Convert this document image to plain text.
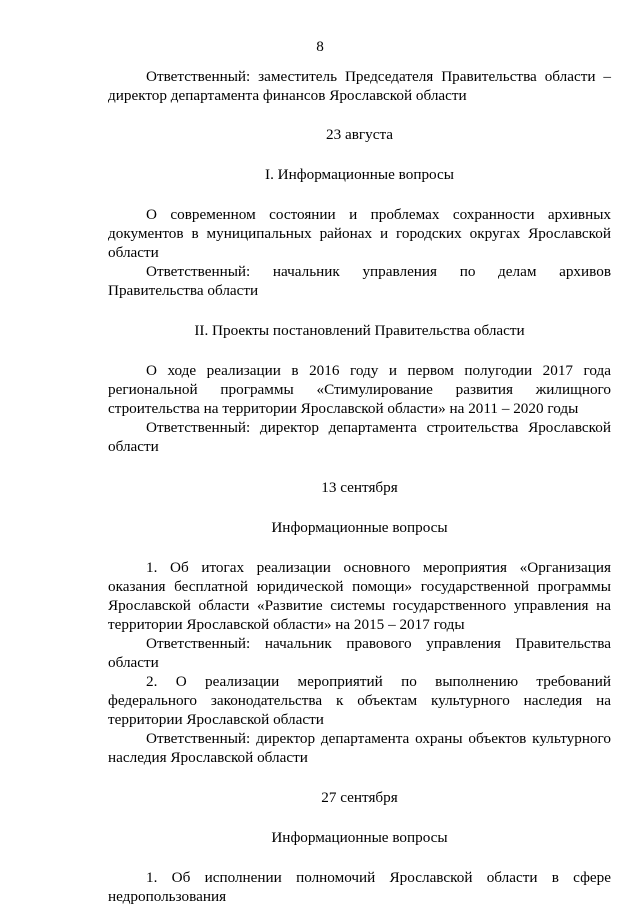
8

Ответственный: заместитель Председателя Правительства области – директор департамента финансов Ярославской области

23 августа

I. Информационные вопросы

О современном состоянии и проблемах сохранности архивных документов в муниципальных районах и городских округах Ярославской области

Ответственный: начальник управления по делам архивов Правительства области

II. Проекты постановлений Правительства области

О ходе реализации в 2016 году и первом полугодии 2017 года региональной программы «Стимулирование развития жилищного строительства на территории Ярославской области» на 2011 – 2020 годы

Ответственный: директор департамента строительства Ярославской области

13 сентября

Информационные вопросы

1. Об итогах реализации основного мероприятия «Организация оказания бесплатной юридической помощи» государственной программы Ярославской области «Развитие системы государственного управления на территории Ярославской области» на 2015 – 2017 годы

Ответственный: начальник правового управления Правительства области

2. О реализации мероприятий по выполнению требований федерального законодательства к объектам культурного наследия на территории Ярославской области

Ответственный: директор департамента охраны объектов культурного наследия Ярославской области

27 сентября

Информационные вопросы

1. Об исполнении полномочий Ярославской области в сфере недропользования
